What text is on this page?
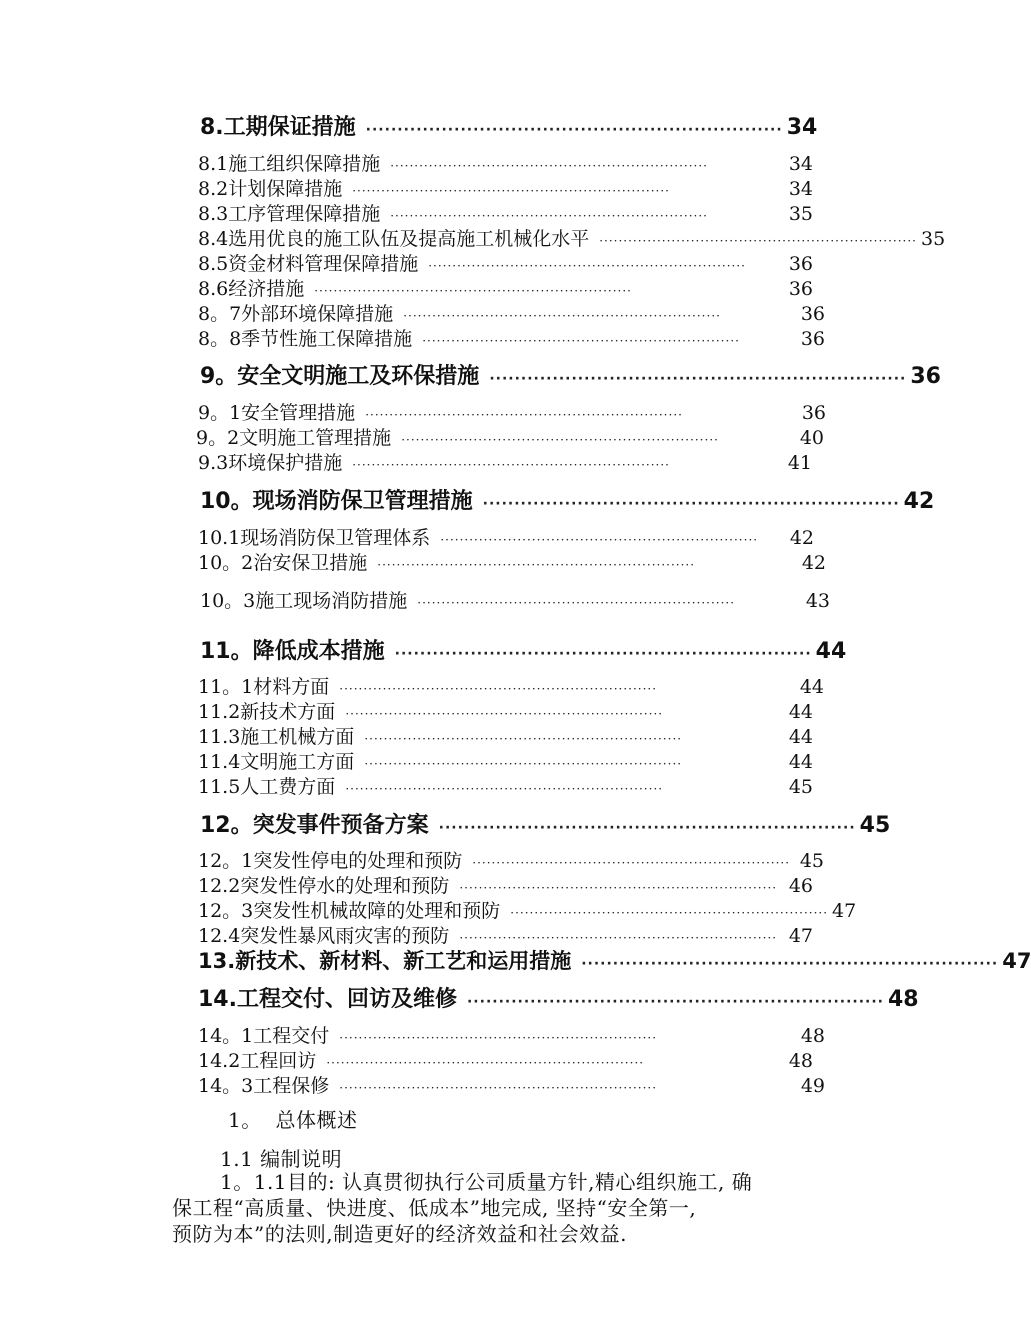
8.工期保证措施 ·································································· 34
8.1施工组织保障措施 ··································································	34
8.2计划保障措施 ··································································	34
8.3工序管理保障措施 ··································································	35
8.4选用优良的施工队伍及提高施工机械化水平 ·································································· 35
8.5资金材料管理保障措施 ··································································	36
8.6经济措施 ··································································	36
8。7外部环境保障措施 ··································································	36
8。8季节性施工保障措施 ··································································	36
9。安全文明施工及环保措施 ·································································· 36
9。1安全管理措施 ··································································	36
9。2文明施工管理措施 ··································································	40
9.3环境保护措施 ··································································	41
10。现场消防保卫管理措施 ·································································· 42
10.1现场消防保卫管理体系 ··································································	42
10。2治安保卫措施 ··································································	42
10。3施工现场消防措施 ··································································	43
11。降低成本措施 ·································································· 44
11。1材料方面 ··································································	44
11.2新技术方面 ··································································	44
11.3施工机械方面 ··································································	44
11.4文明施工方面 ··································································	44
11.5人工费方面 ··································································	45
12。突发事件预备方案 ·································································· 45
12。1突发性停电的处理和预防 ·································································· 45
12.2突发性停水的处理和预防 ·································································· 46
12。3突发性机械故障的处理和预防 ·································································· 47
12.4突发性暴风雨灾害的预防 ·································································· 47
13.新技术、新材料、新工艺和运用措施 ·································································· 47
14.工程交付、回访及维修 ·································································· 48
14。1工程交付 ··································································	48
14.2工程回访 ··································································	48
14。3工程保修 ··································································	49
1。  总体概述
1.1 编制说明
1。1.1目的: 认真贯彻执行公司质量方针,精心组织施工, 确
保工程“高质量、快进度、低成本”地完成, 坚持“安全第一,
预防为本”的法则,制造更好的经济效益和社会效益.
